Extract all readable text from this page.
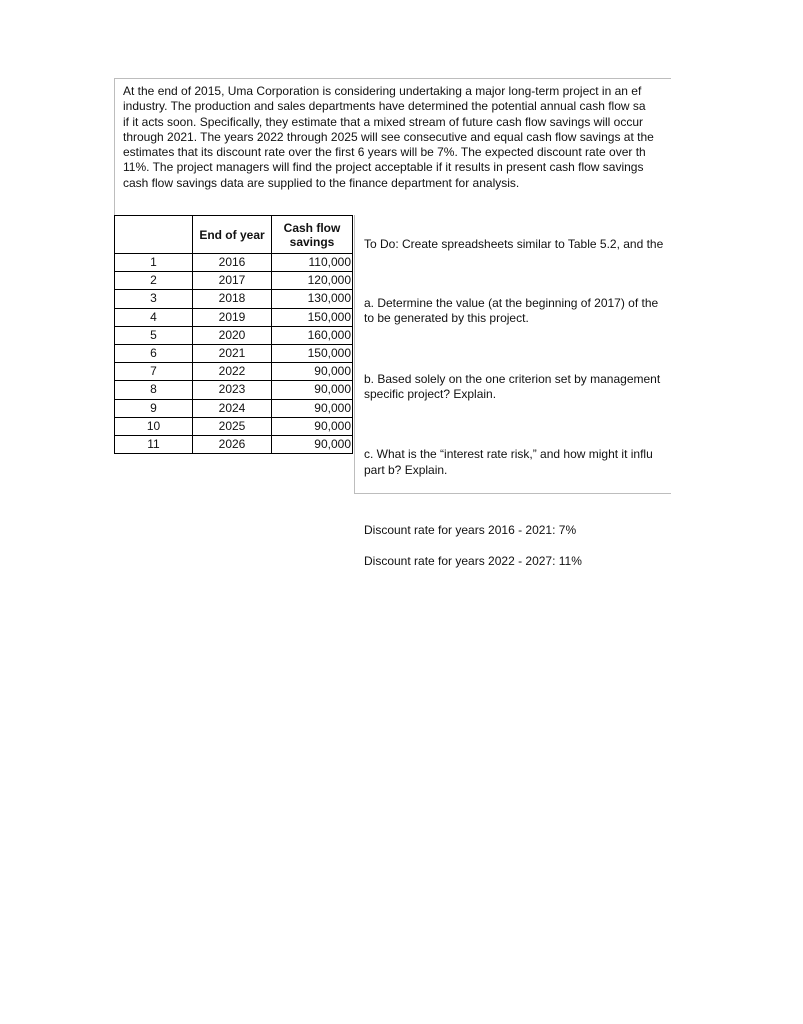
At the end of 2015, Uma Corporation is considering undertaking a major long-term project in an ef
industry. The production and sales departments have determined the potential annual cash flow sa
if it acts soon. Specifically, they estimate that a mixed stream of future cash flow savings will occur
through 2021. The years 2022 through 2025 will see consecutive and equal cash flow savings at the
estimates that its discount rate over the first 6 years will be 7%. The expected discount rate over th
11%. The project managers will find the project acceptable if it results in present cash flow savings
cash flow savings data are supplied to the finance department for analysis.
	End of year	Cash flow savings
1	2016	110,000
2	2017	120,000
3	2018	130,000
4	2019	150,000
5	2020	160,000
6	2021	150,000
7	2022	90,000
8	2023	90,000
9	2024	90,000
10	2025	90,000
11	2026	90,000

To Do: Create spreadsheets similar to Table 5.2, and the

a. Determine the value (at the beginning of 2017) of the
to be generated by this project.

b. Based solely on the one criterion set by management
specific project? Explain.

c. What is the “interest rate risk,” and how might it influ
part b? Explain.

Discount rate for years 2016 - 2021: 7%

Discount rate for years 2022 - 2027: 11%
